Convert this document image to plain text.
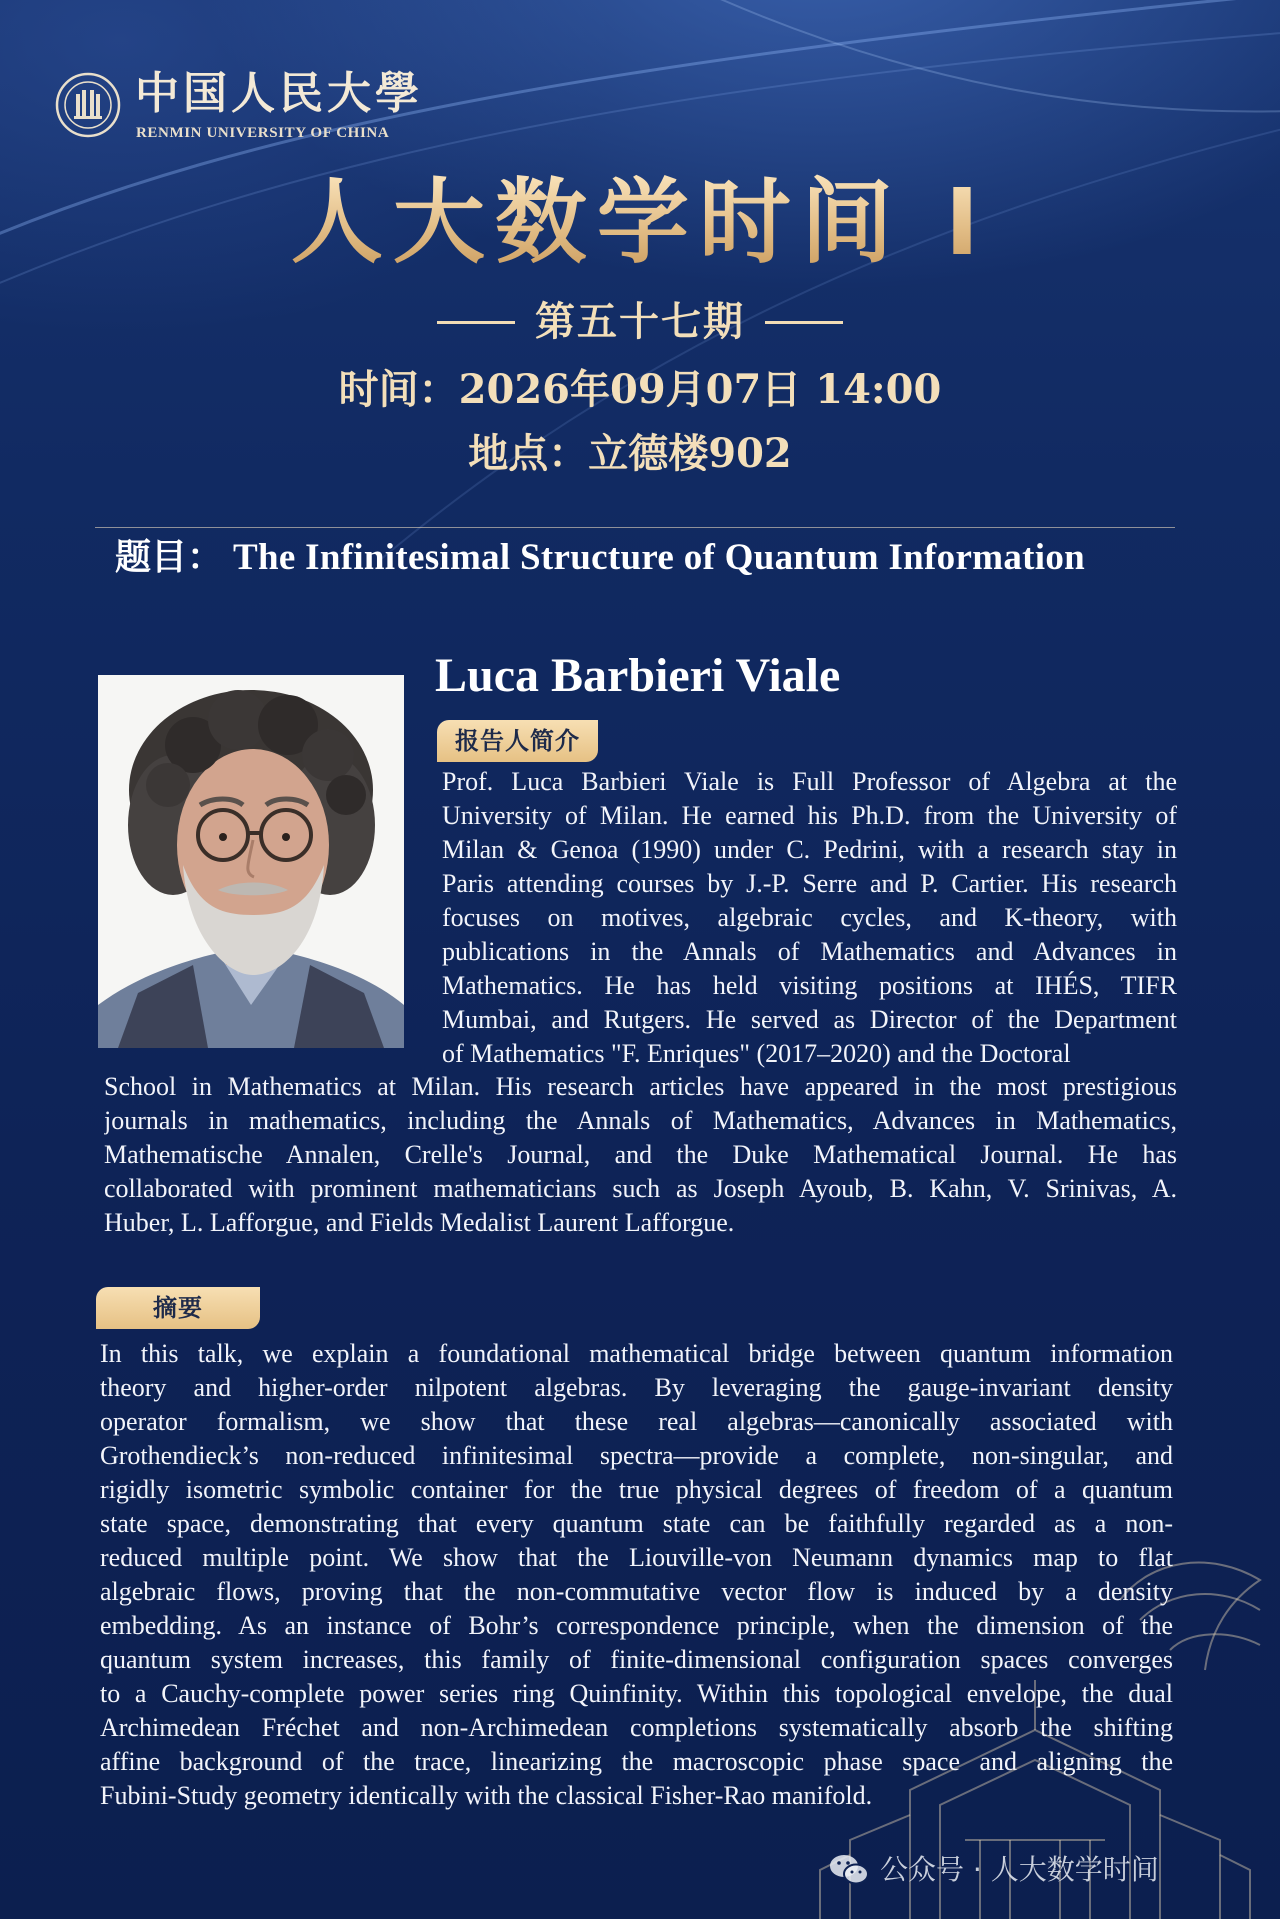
中国人民大學
RENMIN UNIVERSITY OF CHINA
人大数学时间 I
第五十七期
时间：2026年09月07日 14:00
地点：立德楼902
题目： The Infinitesimal Structure of Quantum Information
Luca Barbieri Viale
报告人简介
Prof. Luca Barbieri Viale is Full Professor of Algebra at the
University of Milan. He earned his Ph.D. from the University of
Milan & Genoa (1990) under C. Pedrini, with a research stay in
Paris attending courses by J.-P. Serre and P. Cartier. His research
focuses on motives, algebraic cycles, and K-theory, with
publications in the Annals of Mathematics and Advances in
Mathematics. He has held visiting positions at IHÉS, TIFR
Mumbai, and Rutgers. He served as Director of the Department
of Mathematics "F. Enriques" (2017–2020) and the Doctoral
School in Mathematics at Milan. His research articles have appeared in the most prestigious
journals in mathematics, including the Annals of Mathematics, Advances in Mathematics,
Mathematische Annalen, Crelle's Journal, and the Duke Mathematical Journal. He has
collaborated with prominent mathematicians such as Joseph Ayoub, B. Kahn, V. Srinivas, A.
Huber, L. Lafforgue, and Fields Medalist Laurent Lafforgue.
摘要
In this talk, we explain a foundational mathematical bridge between quantum information
theory and higher-order nilpotent algebras. By leveraging the gauge-invariant density
operator formalism, we show that these real algebras—canonically associated with
Grothendieck’s non-reduced infinitesimal spectra—provide a complete, non-singular, and
rigidly isometric symbolic container for the true physical degrees of freedom of a quantum
state space, demonstrating that every quantum state can be faithfully regarded as a non-
reduced multiple point. We show that the Liouville-von Neumann dynamics map to flat
algebraic flows, proving that the non-commutative vector flow is induced by a density
embedding. As an instance of Bohr’s correspondence principle, when the dimension of the
quantum system increases, this family of finite-dimensional configuration spaces converges
to a Cauchy-complete power series ring Quinfinity. Within this topological envelope, the dual
Archimedean Fréchet and non-Archimedean completions systematically absorb the shifting
affine background of the trace, linearizing the macroscopic phase space and aligning the
Fubini-Study geometry identically with the classical Fisher-Rao manifold.
公众号 · 人大数学时间
